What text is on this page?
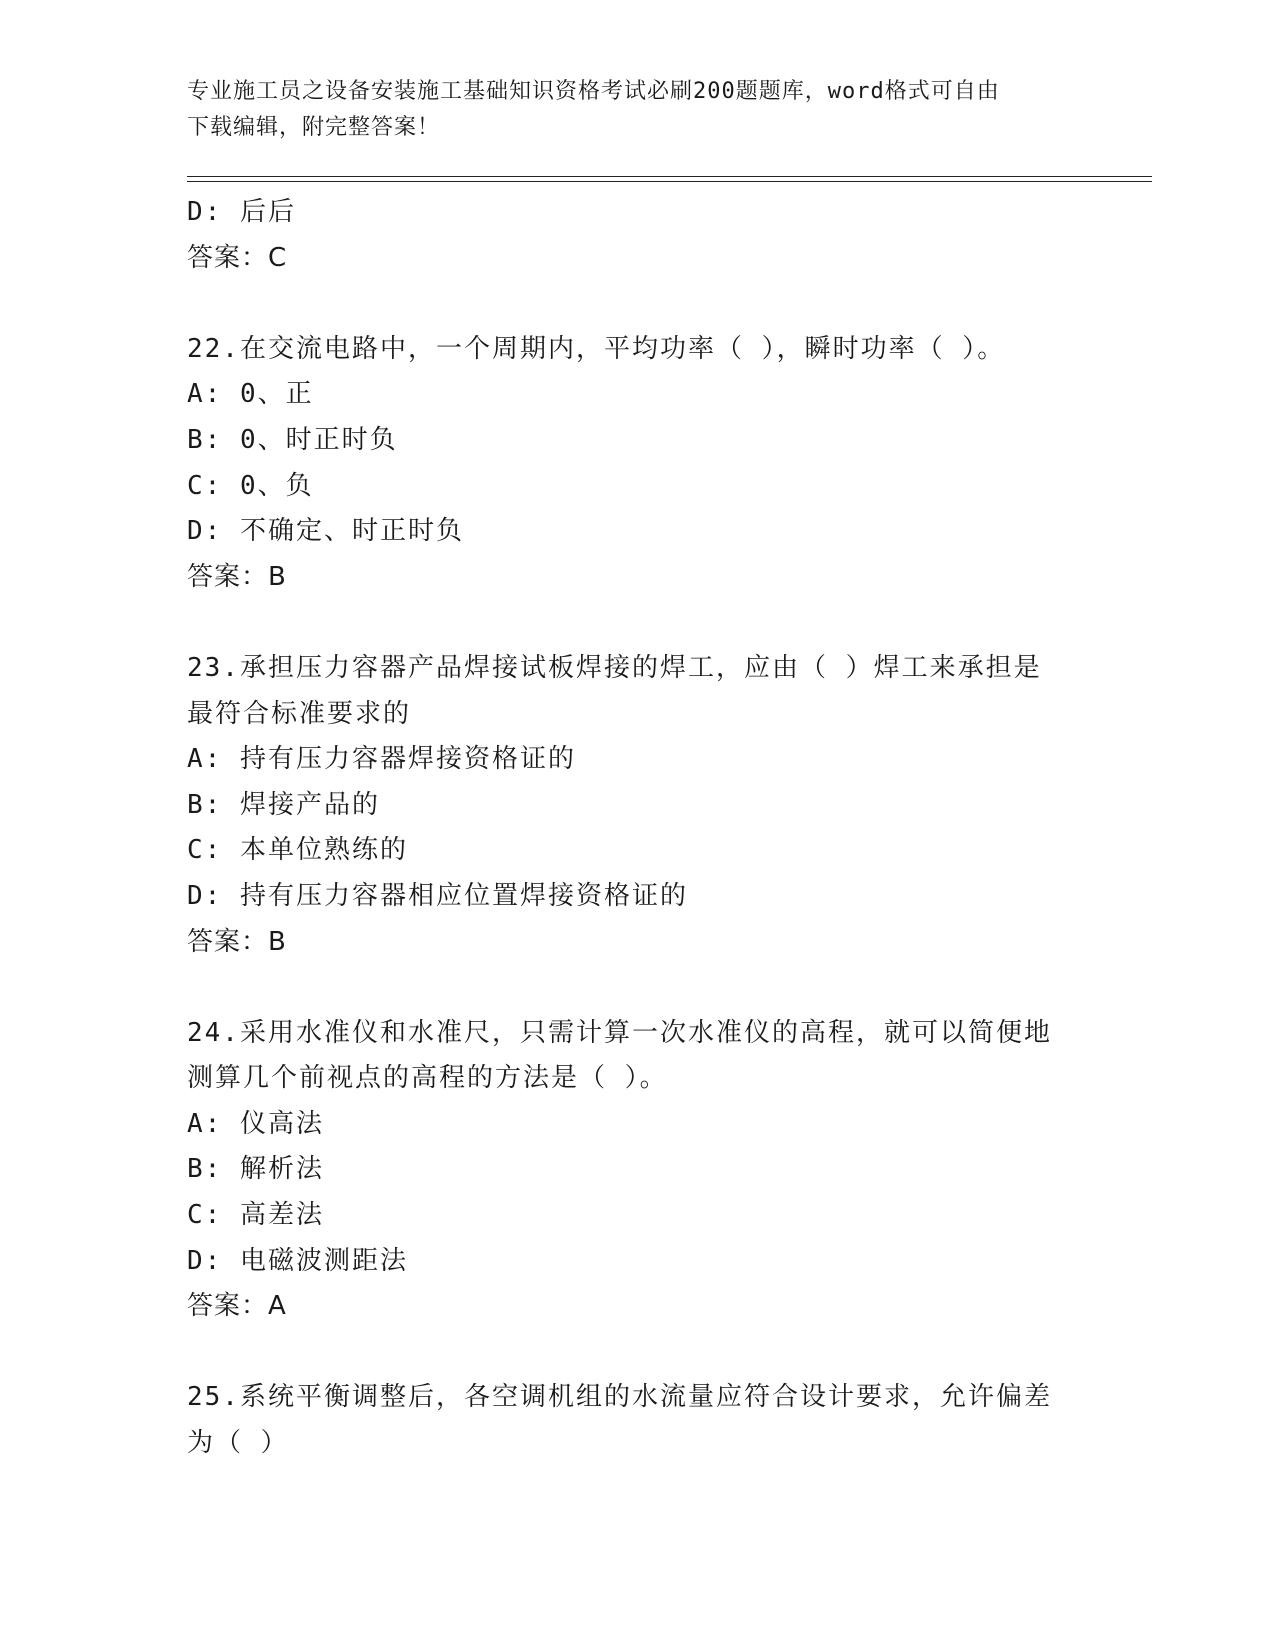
专业施工员之设备安装施工基础知识资格考试必刷200题题库，word格式可自由
下载编辑，附完整答案！
D: 后后
答案：C
22.在交流电路中，一个周期内，平均功率（ ），瞬时功率（ ）。
A: 0、正
B: 0、时正时负
C: 0、负
D: 不确定、时正时负
答案：B
23.承担压力容器产品焊接试板焊接的焊工，应由（ ）焊工来承担是
最符合标准要求的
A: 持有压力容器焊接资格证的
B: 焊接产品的
C: 本单位熟练的
D: 持有压力容器相应位置焊接资格证的
答案：B
24.采用水准仪和水准尺，只需计算一次水准仪的高程，就可以简便地
测算几个前视点的高程的方法是（ ）。
A: 仪高法
B: 解析法
C: 高差法
D: 电磁波测距法
答案：A
25.系统平衡调整后，各空调机组的水流量应符合设计要求，允许偏差
为（ ）
